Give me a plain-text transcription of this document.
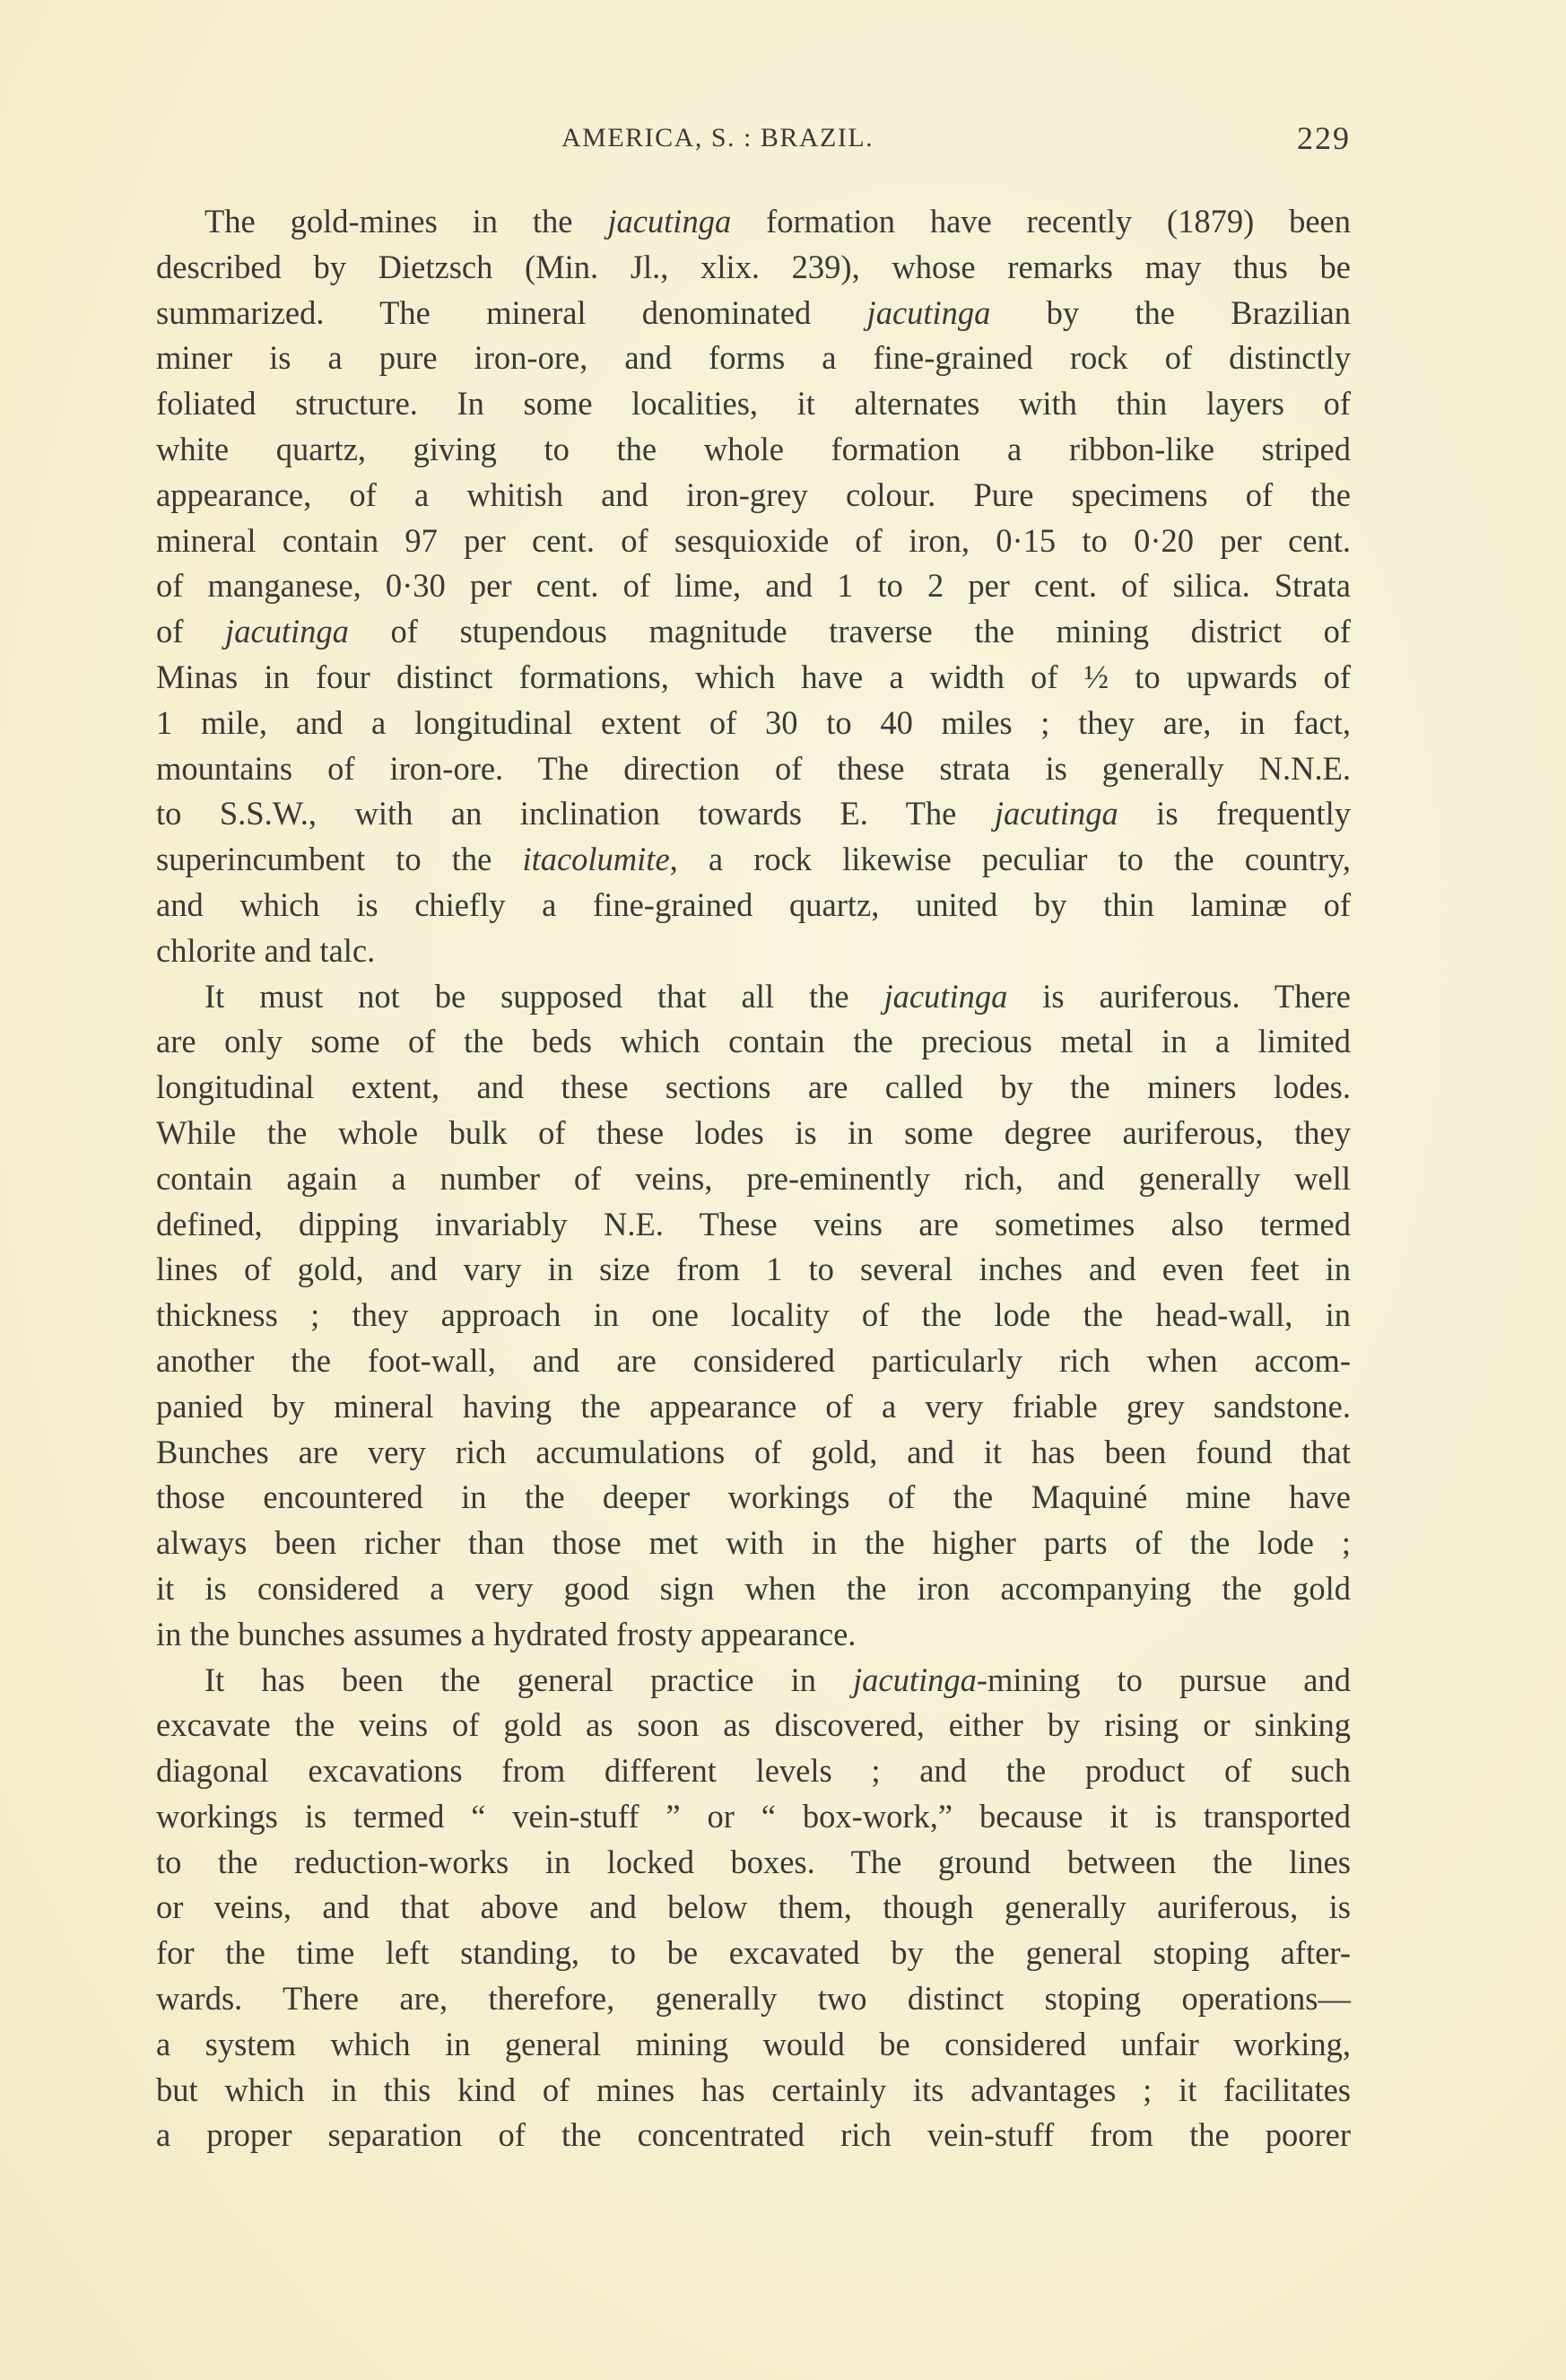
AMERICA, S. : BRAZIL.	229
The gold-mines in the jacutinga formation have recently (1879) been
described by Dietzsch (Min. Jl., xlix. 239), whose remarks may thus be
summarized. The mineral denominated jacutinga by the Brazilian
miner is a pure iron-ore, and forms a fine-grained rock of distinctly
foliated structure. In some localities, it alternates with thin layers of
white quartz, giving to the whole formation a ribbon-like striped
appearance, of a whitish and iron-grey colour. Pure specimens of the
mineral contain 97 per cent. of sesquioxide of iron, 0·15 to 0·20 per cent.
of manganese, 0·30 per cent. of lime, and 1 to 2 per cent. of silica. Strata
of jacutinga of stupendous magnitude traverse the mining district of
Minas in four distinct formations, which have a width of ½ to upwards of
1 mile, and a longitudinal extent of 30 to 40 miles ; they are, in fact,
mountains of iron-ore. The direction of these strata is generally N.N.E.
to S.S.W., with an inclination towards E. The jacutinga is frequently
superincumbent to the itacolumite, a rock likewise peculiar to the country,
and which is chiefly a fine-grained quartz, united by thin laminæ of
chlorite and talc.
It must not be supposed that all the jacutinga is auriferous. There
are only some of the beds which contain the precious metal in a limited
longitudinal extent, and these sections are called by the miners lodes.
While the whole bulk of these lodes is in some degree auriferous, they
contain again a number of veins, pre-eminently rich, and generally well
defined, dipping invariably N.E. These veins are sometimes also termed
lines of gold, and vary in size from 1 to several inches and even feet in
thickness ; they approach in one locality of the lode the head-wall, in
another the foot-wall, and are considered particularly rich when accom-
panied by mineral having the appearance of a very friable grey sandstone.
Bunches are very rich accumulations of gold, and it has been found that
those encountered in the deeper workings of the Maquiné mine have
always been richer than those met with in the higher parts of the lode ;
it is considered a very good sign when the iron accompanying the gold
in the bunches assumes a hydrated frosty appearance.
It has been the general practice in jacutinga-mining to pursue and
excavate the veins of gold as soon as discovered, either by rising or sinking
diagonal excavations from different levels ; and the product of such
workings is termed “ vein-stuff ” or “ box-work,” because it is transported
to the reduction-works in locked boxes. The ground between the lines
or veins, and that above and below them, though generally auriferous, is
for the time left standing, to be excavated by the general stoping after-
wards. There are, therefore, generally two distinct stoping operations—
a system which in general mining would be considered unfair working,
but which in this kind of mines has certainly its advantages ; it facilitates
a proper separation of the concentrated rich vein-stuff from the poorer
